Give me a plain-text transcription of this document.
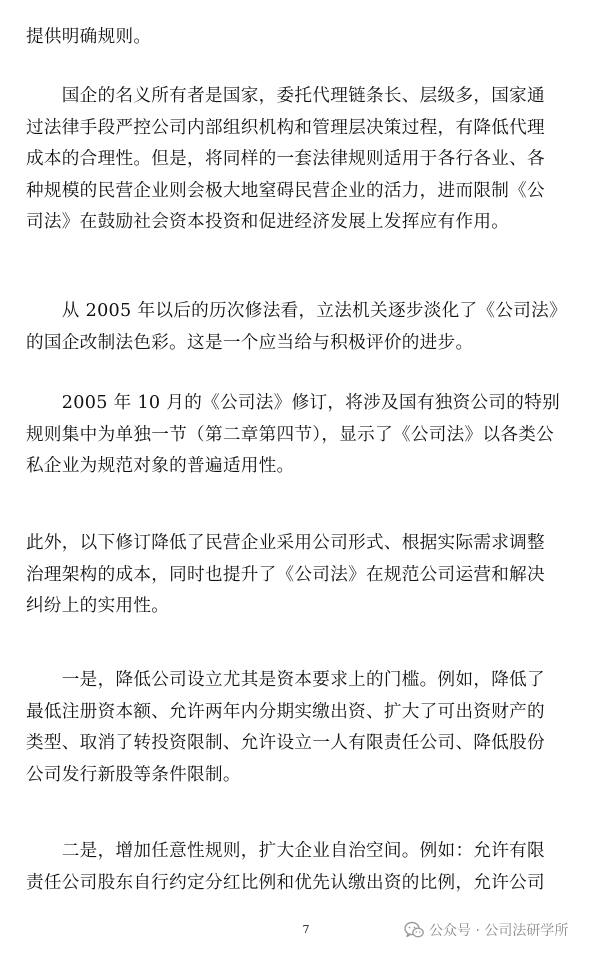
提供明确规则。

　　国企的名义所有者是国家，委托代理链条长、层级多，国家通
过法律手段严控公司内部组织机构和管理层决策过程，有降低代理
成本的合理性。但是，将同样的一套法律规则适用于各行各业、各
种规模的民营企业则会极大地窒碍民营企业的活力，进而限制《公
司法》在鼓励社会资本投资和促进经济发展上发挥应有作用。

　　从 2005 年以后的历次修法看，立法机关逐步淡化了《公司法》
的国企改制法色彩。这是一个应当给与积极评价的进步。

　　2005 年 10 月的《公司法》修订，将涉及国有独资公司的特别
规则集中为单独一节（第二章第四节），显示了《公司法》以各类公
私企业为规范对象的普遍适用性。

此外，以下修订降低了民营企业采用公司形式、根据实际需求调整
治理架构的成本，同时也提升了《公司法》在规范公司运营和解决
纠纷上的实用性。

　　一是，降低公司设立尤其是资本要求上的门槛。例如，降低了
最低注册资本额、允许两年内分期实缴出资、扩大了可出资财产的
类型、取消了转投资限制、允许设立一人有限责任公司、降低股份
公司发行新股等条件限制。

　　二是，增加任意性规则，扩大企业自治空间。例如：允许有限
责任公司股东自行约定分红比例和优先认缴出资的比例，允许公司

7	公众号 · 公司法研学所
